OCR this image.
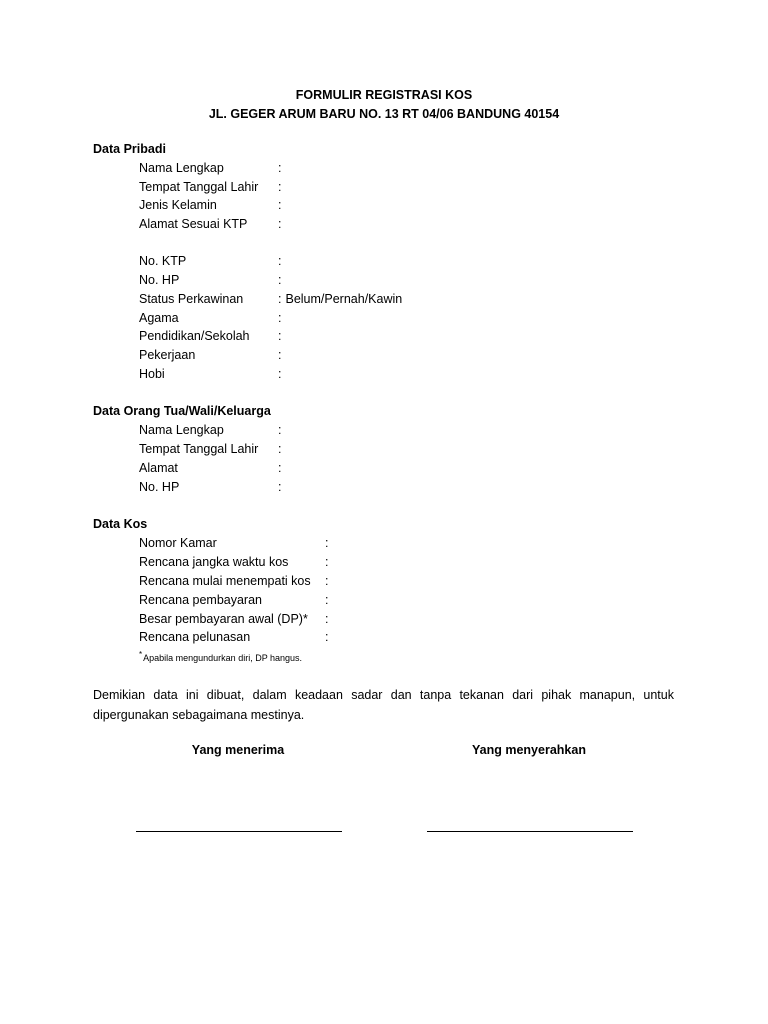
FORMULIR REGISTRASI KOS
JL. GEGER ARUM BARU NO. 13 RT 04/06 BANDUNG 40154
Data Pribadi
Nama Lengkap	:
Tempat Tanggal Lahir :
Jenis Kelamin	:
Alamat Sesuai KTP :
No. KTP	:
No. HP	:
Status Perkawinan	: Belum/Pernah/Kawin
Agama	:
Pendidikan/Sekolah :
Pekerjaan	:
Hobi	:
Data Orang Tua/Wali/Keluarga
Nama Lengkap	:
Tempat Tanggal Lahir :
Alamat	:
No. HP	:
Data Kos
Nomor Kamar	:
Rencana jangka waktu kos	:
Rencana mulai menempati kos :
Rencana pembayaran	:
Besar pembayaran awal (DP)* :
Rencana pelunasan	:
*Apabila mengundurkan diri, DP hangus.
Demikian data ini dibuat, dalam keadaan sadar dan tanpa tekanan dari pihak manapun, untuk dipergunakan sebagaimana mestinya.
Yang menerima	Yang menyerahkan
